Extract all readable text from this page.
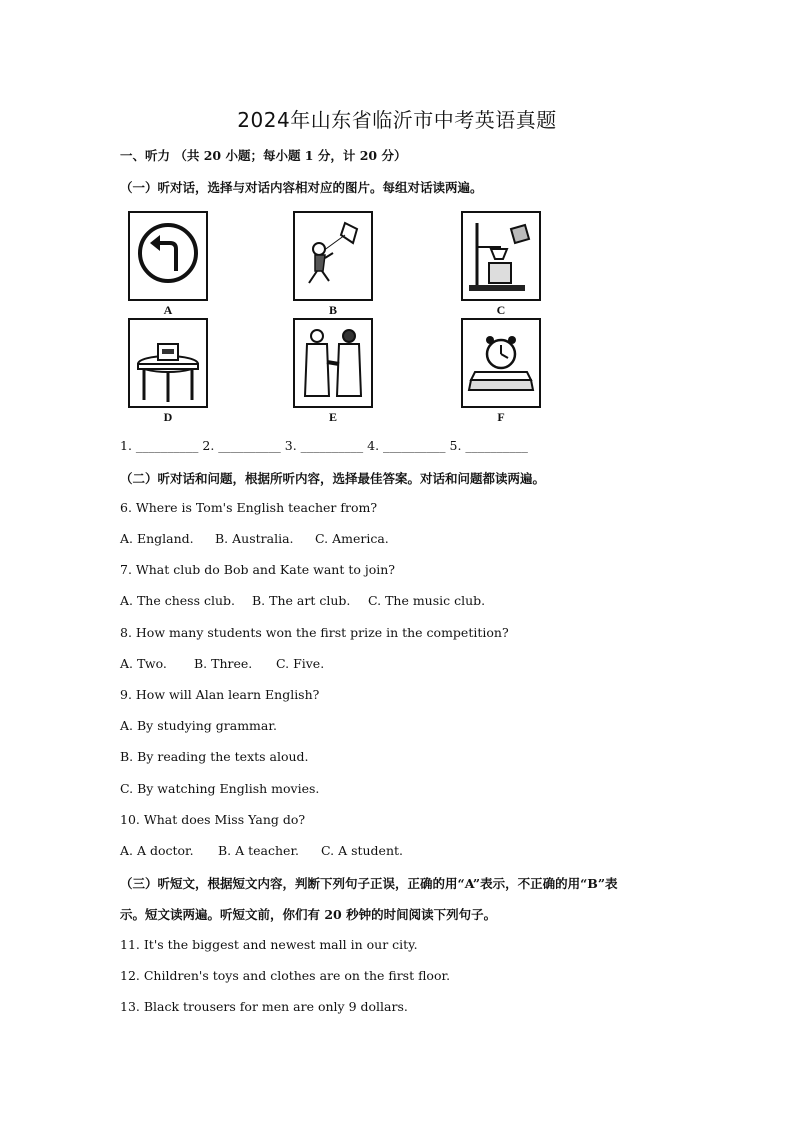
2024年山东省临沂市中考英语真题
一、听力 （共 20 小题；每小题 1 分，计 20 分）
（一）听对话，选择与对话内容相对应的图片。每组对话读两遍。
A	B	C
D	E	F
1. __________ 2. __________ 3. __________ 4. __________ 5. __________
（二）听对话和问题，根据所听内容，选择最佳答案。对话和问题都读两遍。
6. Where is Tom's English teacher from?
A. England. B. Australia. C. America.
7. What club do Bob and Kate want to join?
A. The chess club. B. The art club. C. The music club.
8. How many students won the first prize in the competition?
A. Two. B. Three. C. Five.
9. How will Alan learn English?
A. By studying grammar.
B. By reading the texts aloud.
C. By watching English movies.
10. What does Miss Yang do?
A. A doctor. B. A teacher. C. A student.
（三）听短文，根据短文内容，判断下列句子正误，正确的用“A”表示，不正确的用“B”表
示。短文读两遍。听短文前，你们有 20 秒钟的时间阅读下列句子。
11. It's the biggest and newest mall in our city.
12. Children's toys and clothes are on the first floor.
13. Black trousers for men are only 9 dollars.
